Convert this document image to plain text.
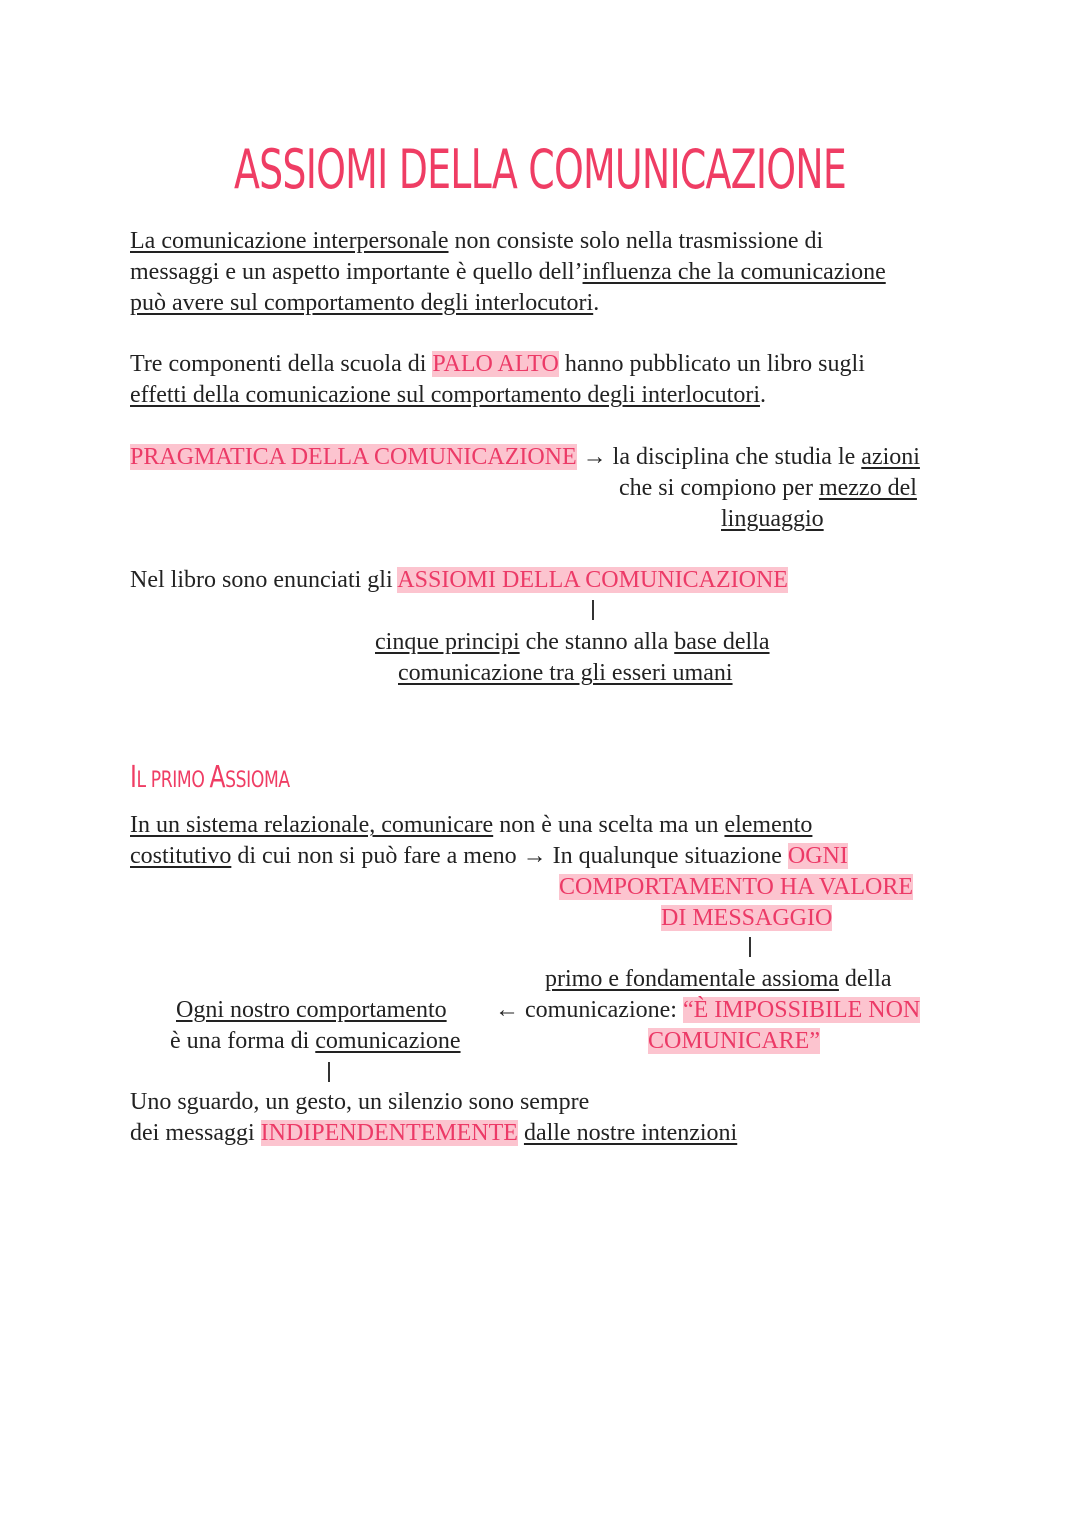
ASSIOMI DELLA COMUNICAZIONE
La comunicazione interpersonale non consiste solo nella trasmissione di
messaggi e un aspetto importante è quello dell’influenza che la comunicazione
può avere sul comportamento degli interlocutori.
Tre componenti della scuola di PALO ALTO hanno pubblicato un libro sugli
effetti della comunicazione sul comportamento degli interlocutori.
PRAGMATICA DELLA COMUNICAZIONE → la disciplina che studia le azioni
che si compiono per mezzo del
linguaggio
Nel libro sono enunciati gli ASSIOMI DELLA COMUNICAZIONE
cinque principi che stanno alla base della
comunicazione tra gli esseri umani
IL PRIMO ASSIOMA
In un sistema relazionale, comunicare non è una scelta ma un elemento
costitutivo di cui non si può fare a meno → In qualunque situazione OGNI
COMPORTAMENTO HA VALORE
DI MESSAGGIO
primo e fondamentale assioma della
← comunicazione: “È IMPOSSIBILE NON
COMUNICARE”
Ogni nostro comportamento
è una forma di comunicazione
Uno sguardo, un gesto, un silenzio sono sempre
dei messaggi INDIPENDENTEMENTE dalle nostre intenzioni
